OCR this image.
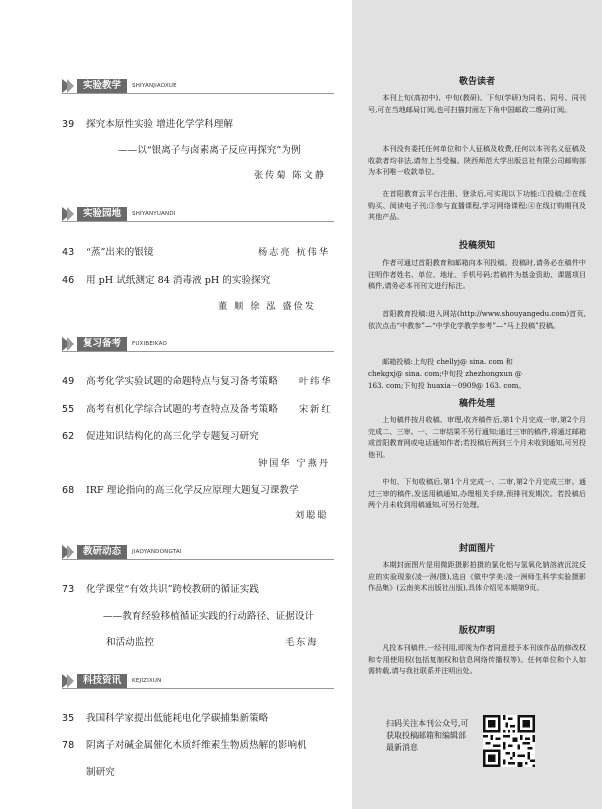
实验教学	SHIYANJIAOXUE
39 探究本原性实验 增进化学学科理解
——以“银离子与卤素离子反应再探究”为例
张传菊 陈文静
实验园地	SHIYANYUANDI
43 “蒸”出来的银镜	杨志亮 杭伟华
46 用 pH 试纸测定 84 消毒液 pH 的实验探究
董 顺 徐 泓 盛俭发
复习备考	FUXIBEIKAO
49 高考化学实验试题的命题特点与复习备考策略 叶纬华
55 高考有机化学综合试题的考查特点及备考策略 宋新红
62 促进知识结构化的高三化学专题复习研究
钟国华 宁燕丹
68 IRF 理论指向的高三化学反应原理大题复习课教学
刘聪聪
教研动态	JIAOYANDONGTAI
73 化学课堂“有效共识”跨校教研的循证实践
——教育经验移植循证实践的行动路径、证据设计
和活动监控	毛东海
科技资讯	KEJIZIXUN
35 我国科学家提出低能耗电化学碳捕集新策略
78 阴离子对碱金属催化木质纤维素生物质热解的影响机
制研究
敬告读者

本刊上旬(高初中)、中旬(教研)、下旬(学研)为同名、同号、同刊号,可在当地邮局订阅,也可扫描封面左下角中国邮政二维码订阅。

本刊没有委托任何单位和个人征稿及收费,任何以本刊名义征稿及收款者均非法,请勿上当受骗。陕西师范大学出版总社有限公司邮购部为本刊唯一收款单位。

在首阳教育云平台注册、登录后,可实现以下功能:①投稿;②在线购买、阅读电子刊;③参与直播课程,学习网络课程;④在线订购期刊及其他产品。

投稿须知

作者可通过首阳教育和邮箱向本刊投稿。投稿时,请务必在稿件中注明作者姓名、单位、地址、手机号码;若稿件为基金资助、课题项目稿件,请务必本刊刊文进行标注。

首阳教育投稿:进入网站(http://www.shouyangedu.com)首页,依次点击“中教参”—“中学化学教学参考”—“马上投稿”投稿。

邮箱投稿:上旬投 chellyj@ sina. com 和

chekgxj@ sina. com;中旬投 zhezhongxun @

163. com;下旬投 huaxia－0909@ 163. com。

稿件处理

上旬稿件按月收稿、审理,收齐稿件后,第1个月完成一审,第2个月完成二、三审。一、二审结果不另行通知;通过三审的稿件,将通过邮箱或首阳教育网或电话通知作者;若投稿后两到三个月未收到通知,可另投他刊。

中旬、下旬收稿后,第1个月完成一、二审,第2个月完成三审。通过三审的稿件,发送用稿通知,办理相关手续,预排刊发期次。若投稿后两个月未收到用稿通知,可另行处理。

封面图片

本期封面图片是用微距摄影拍摄的氯化铝与氢氧化钠溶液沉淀反应的实验现象(凌一洲/摄),选自《做中学美:凌一洲师生科学实验摄影作品集》(云南美术出版社出版),具体介绍见本期第9页。

版权声明

凡投本刊稿件,一经刊用,即视为作者同意授予本刊该作品的修改权和专用使用权(包括复制权和信息网络传播权等)。任何单位和个人如需转载,请与我社联系并注明出处。

扫码关注本刊公众号,可获取投稿邮箱和编辑部最新消息
